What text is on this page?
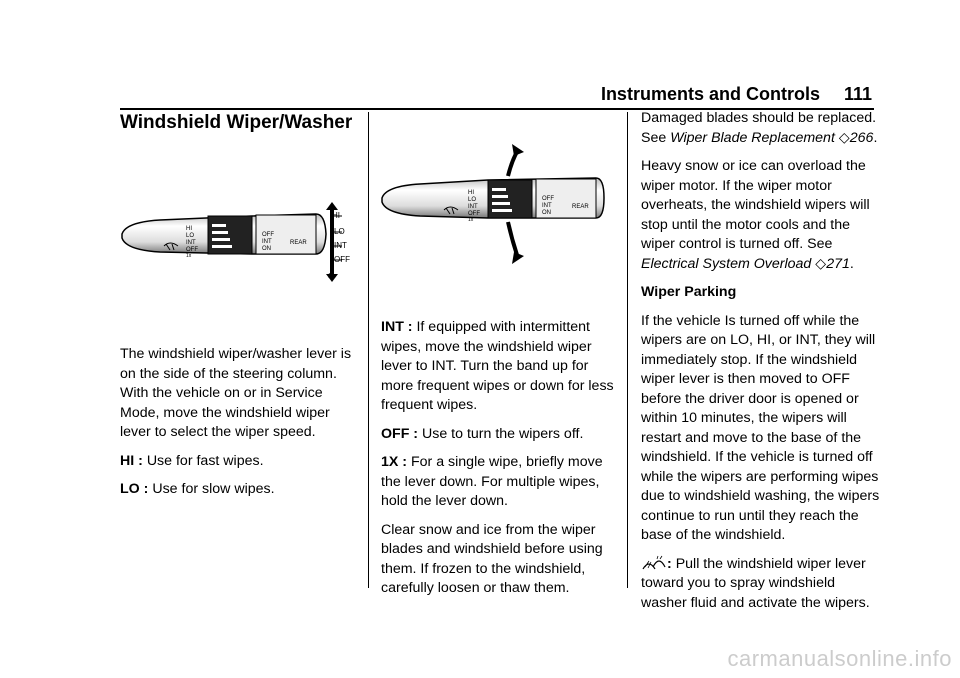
Instruments and Controls 111
Windshield Wiper/Washer
HI
LO
INT
OFF
1x
OFF
INT
ON
REAR
HI
LO
INT
OFF
1x
HI
LO
INT
OFF
1x
OFF
INT
ON
REAR

The windshield wiper/washer lever is on the side of the steering column. With the vehicle on or in Service Mode, move the windshield wiper lever to select the wiper speed.

HI : Use for fast wipes.

LO : Use for slow wipes.

INT : If equipped with intermittent wipes, move the windshield wiper lever to INT. Turn the band up for more frequent wipes or down for less frequent wipes.

OFF : Use to turn the wipers off.

1X : For a single wipe, briefly move the lever down. For multiple wipes, hold the lever down.

Clear snow and ice from the wiper blades and windshield before using them. If frozen to the windshield, carefully loosen or thaw them.

Damaged blades should be replaced. See Wiper Blade Replacement ◇266.

Heavy snow or ice can overload the wiper motor. If the wiper motor overheats, the windshield wipers will stop until the motor cools and the wiper control is turned off. See Electrical System Overload ◇271.

Wiper Parking

If the vehicle Is turned off while the wipers are on LO, HI, or INT, they will immediately stop. If the windshield wiper lever is then moved to OFF before the driver door is opened or within 10 minutes, the wipers will restart and move to the base of the windshield. If the vehicle is turned off while the wipers are performing wipes due to windshield washing, the wipers continue to run until they reach the base of the windshield.

: Pull the windshield wiper lever toward you to spray windshield washer fluid and activate the wipers.

carmanualsonline.info
